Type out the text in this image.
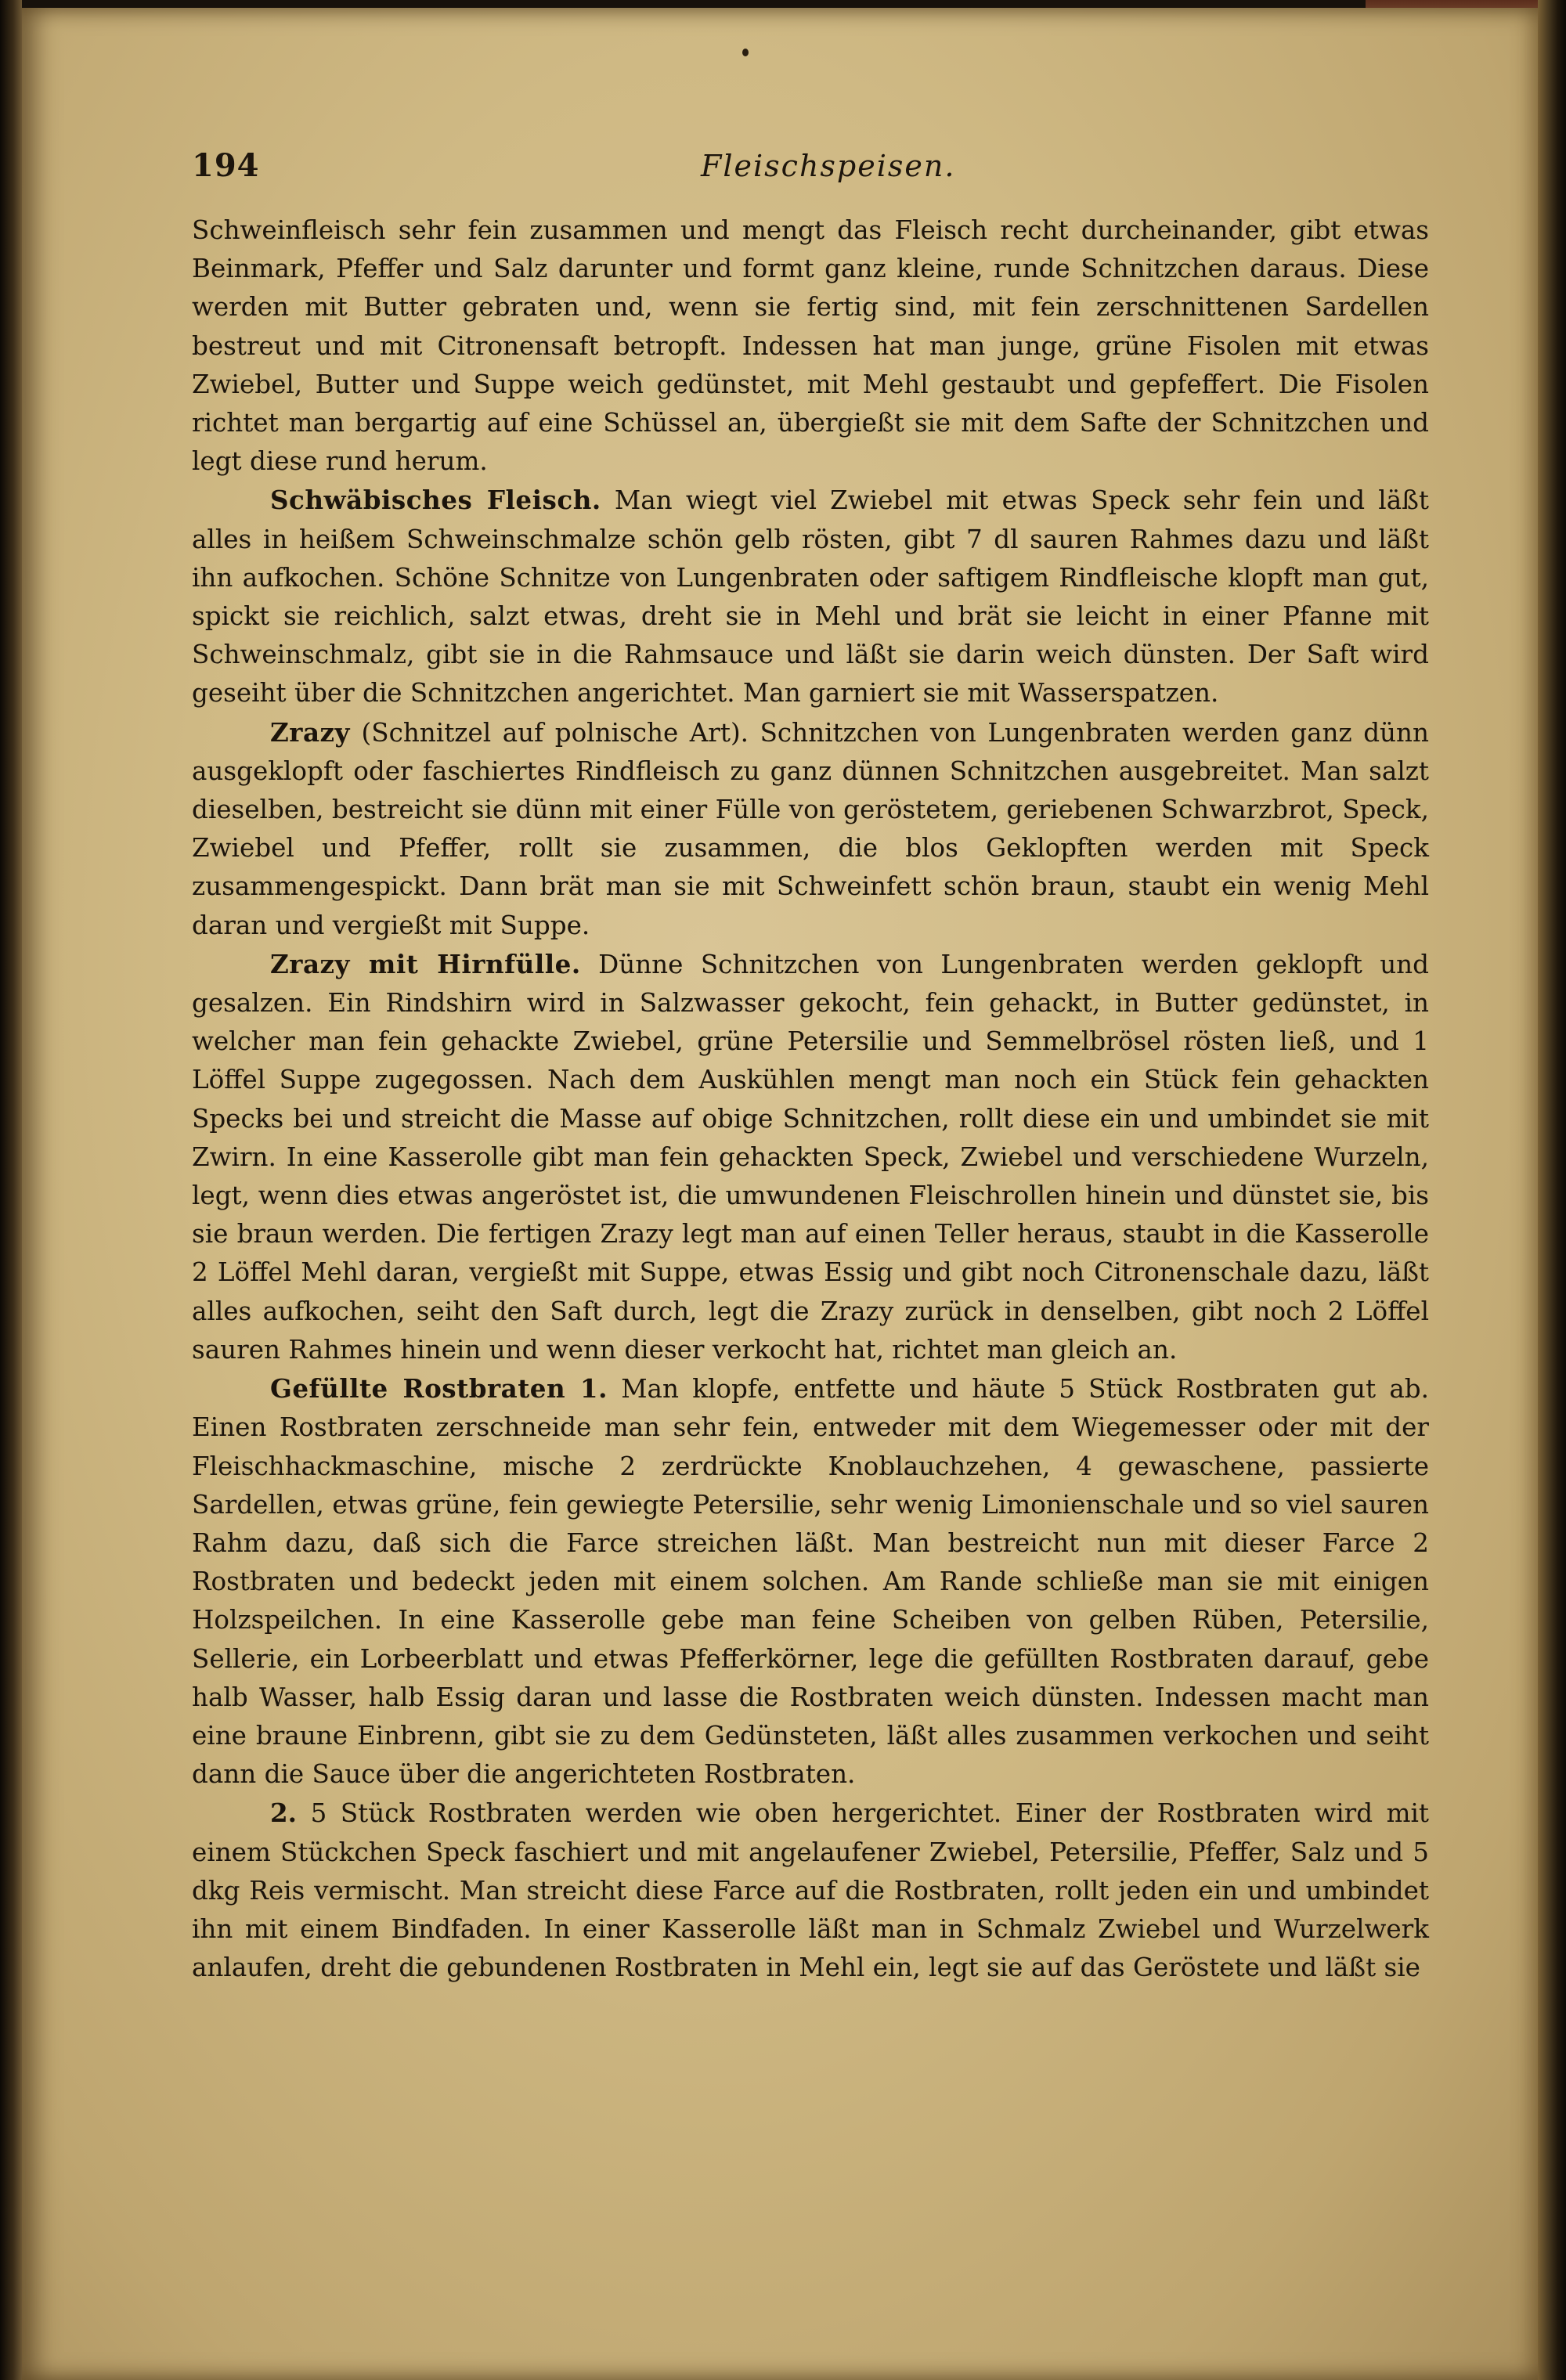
194	Fleischspeisen.

Schweinfleisch sehr fein zusammen und mengt das Fleisch recht durcheinander, gibt etwas Beinmark, Pfeffer und Salz darunter und formt ganz kleine, runde Schnitzchen daraus. Diese werden mit Butter gebraten und, wenn sie fertig sind, mit fein zerschnittenen Sardellen bestreut und mit Citronensaft betropft. Indessen hat man junge, grüne Fisolen mit etwas Zwiebel, Butter und Suppe weich gedünstet, mit Mehl gestaubt und gepfeffert. Die Fisolen richtet man bergartig auf eine Schüssel an, übergießt sie mit dem Safte der Schnitzchen und legt diese rund herum.

Schwäbisches Fleisch. Man wiegt viel Zwiebel mit etwas Speck sehr fein und läßt alles in heißem Schweinschmalze schön gelb rösten, gibt 7 dl sauren Rahmes dazu und läßt ihn aufkochen. Schöne Schnitze von Lungenbraten oder saftigem Rindfleische klopft man gut, spickt sie reichlich, salzt etwas, dreht sie in Mehl und brät sie leicht in einer Pfanne mit Schweinschmalz, gibt sie in die Rahmsauce und läßt sie darin weich dünsten. Der Saft wird geseiht über die Schnitzchen angerichtet. Man garniert sie mit Wasserspatzen.

Zrazy (Schnitzel auf polnische Art). Schnitzchen von Lungenbraten werden ganz dünn ausgeklopft oder faschiertes Rindfleisch zu ganz dünnen Schnitzchen ausgebreitet. Man salzt dieselben, bestreicht sie dünn mit einer Fülle von geröstetem, geriebenen Schwarzbrot, Speck, Zwiebel und Pfeffer, rollt sie zusammen, die blos Geklopften werden mit Speck zusammengespickt. Dann brät man sie mit Schweinfett schön braun, staubt ein wenig Mehl daran und vergießt mit Suppe.

Zrazy mit Hirnfülle. Dünne Schnitzchen von Lungenbraten werden geklopft und gesalzen. Ein Rindshirn wird in Salzwasser gekocht, fein gehackt, in Butter gedünstet, in welcher man fein gehackte Zwiebel, grüne Petersilie und Semmelbrösel rösten ließ, und 1 Löffel Suppe zugegossen. Nach dem Auskühlen mengt man noch ein Stück fein gehackten Specks bei und streicht die Masse auf obige Schnitzchen, rollt diese ein und umbindet sie mit Zwirn. In eine Kasserolle gibt man fein gehackten Speck, Zwiebel und verschiedene Wurzeln, legt, wenn dies etwas angeröstet ist, die umwundenen Fleischrollen hinein und dünstet sie, bis sie braun werden. Die fertigen Zrazy legt man auf einen Teller heraus, staubt in die Kasserolle 2 Löffel Mehl daran, vergießt mit Suppe, etwas Essig und gibt noch Citronenschale dazu, läßt alles aufkochen, seiht den Saft durch, legt die Zrazy zurück in denselben, gibt noch 2 Löffel sauren Rahmes hinein und wenn dieser verkocht hat, richtet man gleich an.

Gefüllte Rostbraten 1. Man klopfe, entfette und häute 5 Stück Rostbraten gut ab. Einen Rostbraten zerschneide man sehr fein, entweder mit dem Wiegemesser oder mit der Fleischhackmaschine, mische 2 zerdrückte Knoblauchzehen, 4 gewaschene, passierte Sardellen, etwas grüne, fein gewiegte Petersilie, sehr wenig Limonienschale und so viel sauren Rahm dazu, daß sich die Farce streichen läßt. Man bestreicht nun mit dieser Farce 2 Rostbraten und bedeckt jeden mit einem solchen. Am Rande schließe man sie mit einigen Holzspeilchen. In eine Kasserolle gebe man feine Scheiben von gelben Rüben, Petersilie, Sellerie, ein Lorbeerblatt und etwas Pfefferkörner, lege die gefüllten Rostbraten darauf, gebe halb Wasser, halb Essig daran und lasse die Rostbraten weich dünsten. Indessen macht man eine braune Einbrenn, gibt sie zu dem Gedünsteten, läßt alles zusammen verkochen und seiht dann die Sauce über die angerichteten Rostbraten.

2. 5 Stück Rostbraten werden wie oben hergerichtet. Einer der Rostbraten wird mit einem Stückchen Speck faschiert und mit angelaufener Zwiebel, Petersilie, Pfeffer, Salz und 5 dkg Reis vermischt. Man streicht diese Farce auf die Rostbraten, rollt jeden ein und umbindet ihn mit einem Bindfaden. In einer Kasserolle läßt man in Schmalz Zwiebel und Wurzelwerk anlaufen, dreht die gebundenen Rostbraten in Mehl ein, legt sie auf das Geröstete und läßt sie
